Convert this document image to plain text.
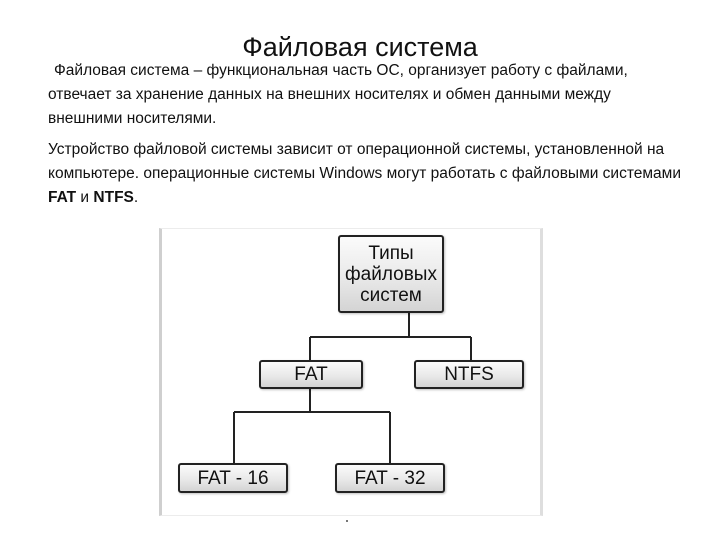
Файловая система

Файловая система – функциональная часть ОС, организует работу с файлами, отвечает за хранение данных на внешних носителях и обмен данными между внешними носителями.

Устройство файловой системы зависит от операционной системы, установленной на компьютере. операционные системы Windows могут работать с файловыми системами FAT и NTFS.

Типы
файловых
систем
FAT	NTFS
FAT - 16	FAT - 32
